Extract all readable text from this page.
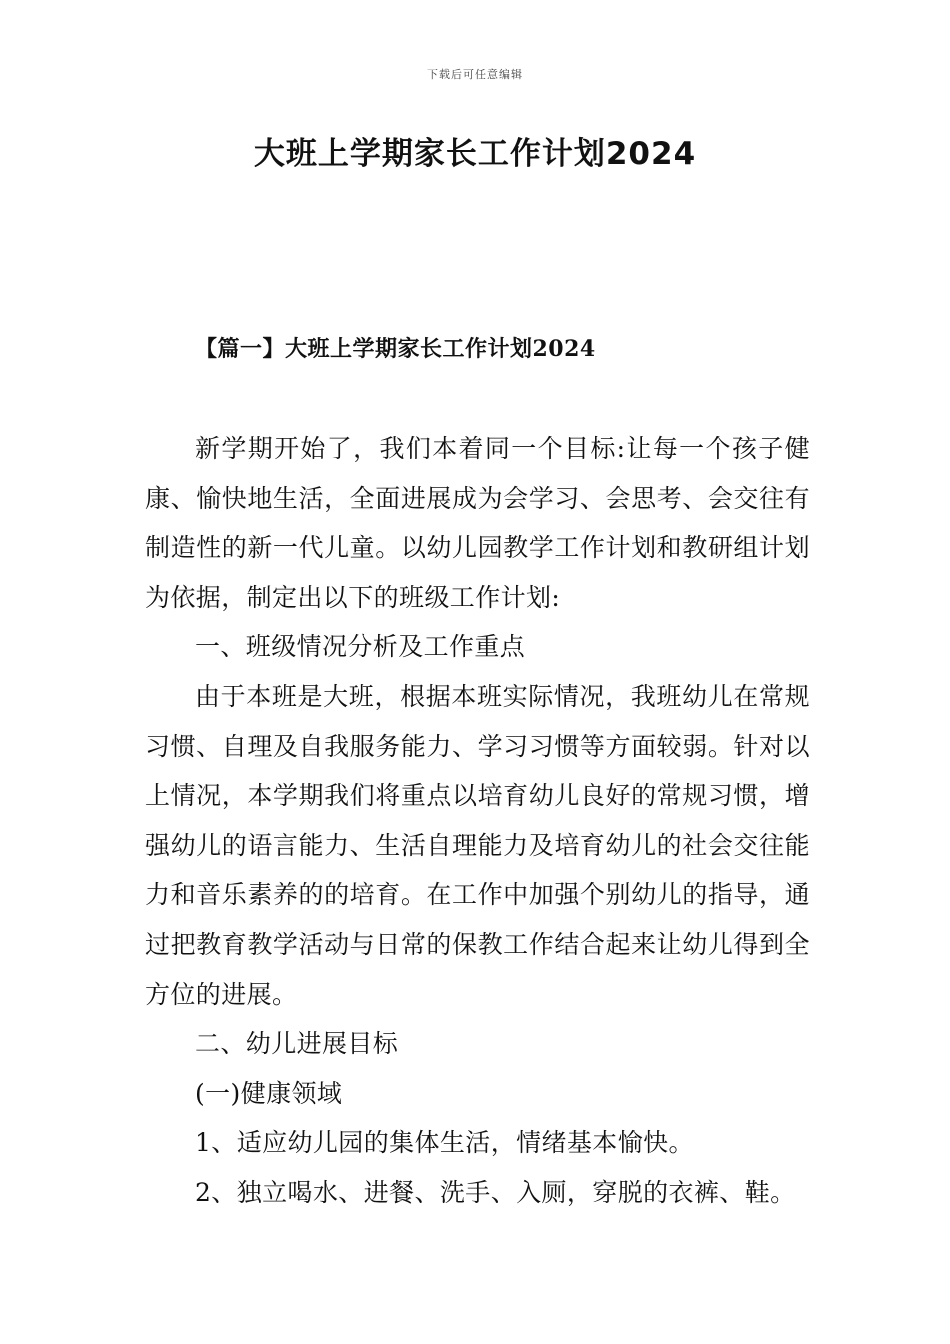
下载后可任意编辑
大班上学期家长工作计划2024
【篇一】大班上学期家长工作计划2024

新学期开始了，我们本着同一个目标:让每一个孩子健康、愉快地生活，全面进展成为会学习、会思考、会交往有制造性的新一代儿童。以幼儿园教学工作计划和教研组计划为依据，制定出以下的班级工作计划:

一、班级情况分析及工作重点

由于本班是大班，根据本班实际情况，我班幼儿在常规习惯、自理及自我服务能力、学习习惯等方面较弱。针对以上情况，本学期我们将重点以培育幼儿良好的常规习惯，增强幼儿的语言能力、生活自理能力及培育幼儿的社会交往能力和音乐素养的的培育。在工作中加强个别幼儿的指导，通过把教育教学活动与日常的保教工作结合起来让幼儿得到全方位的进展。

二、幼儿进展目标

(一)健康领域

1、适应幼儿园的集体生活，情绪基本愉快。

2、独立喝水、进餐、洗手、入厕，穿脱的衣裤、鞋。
